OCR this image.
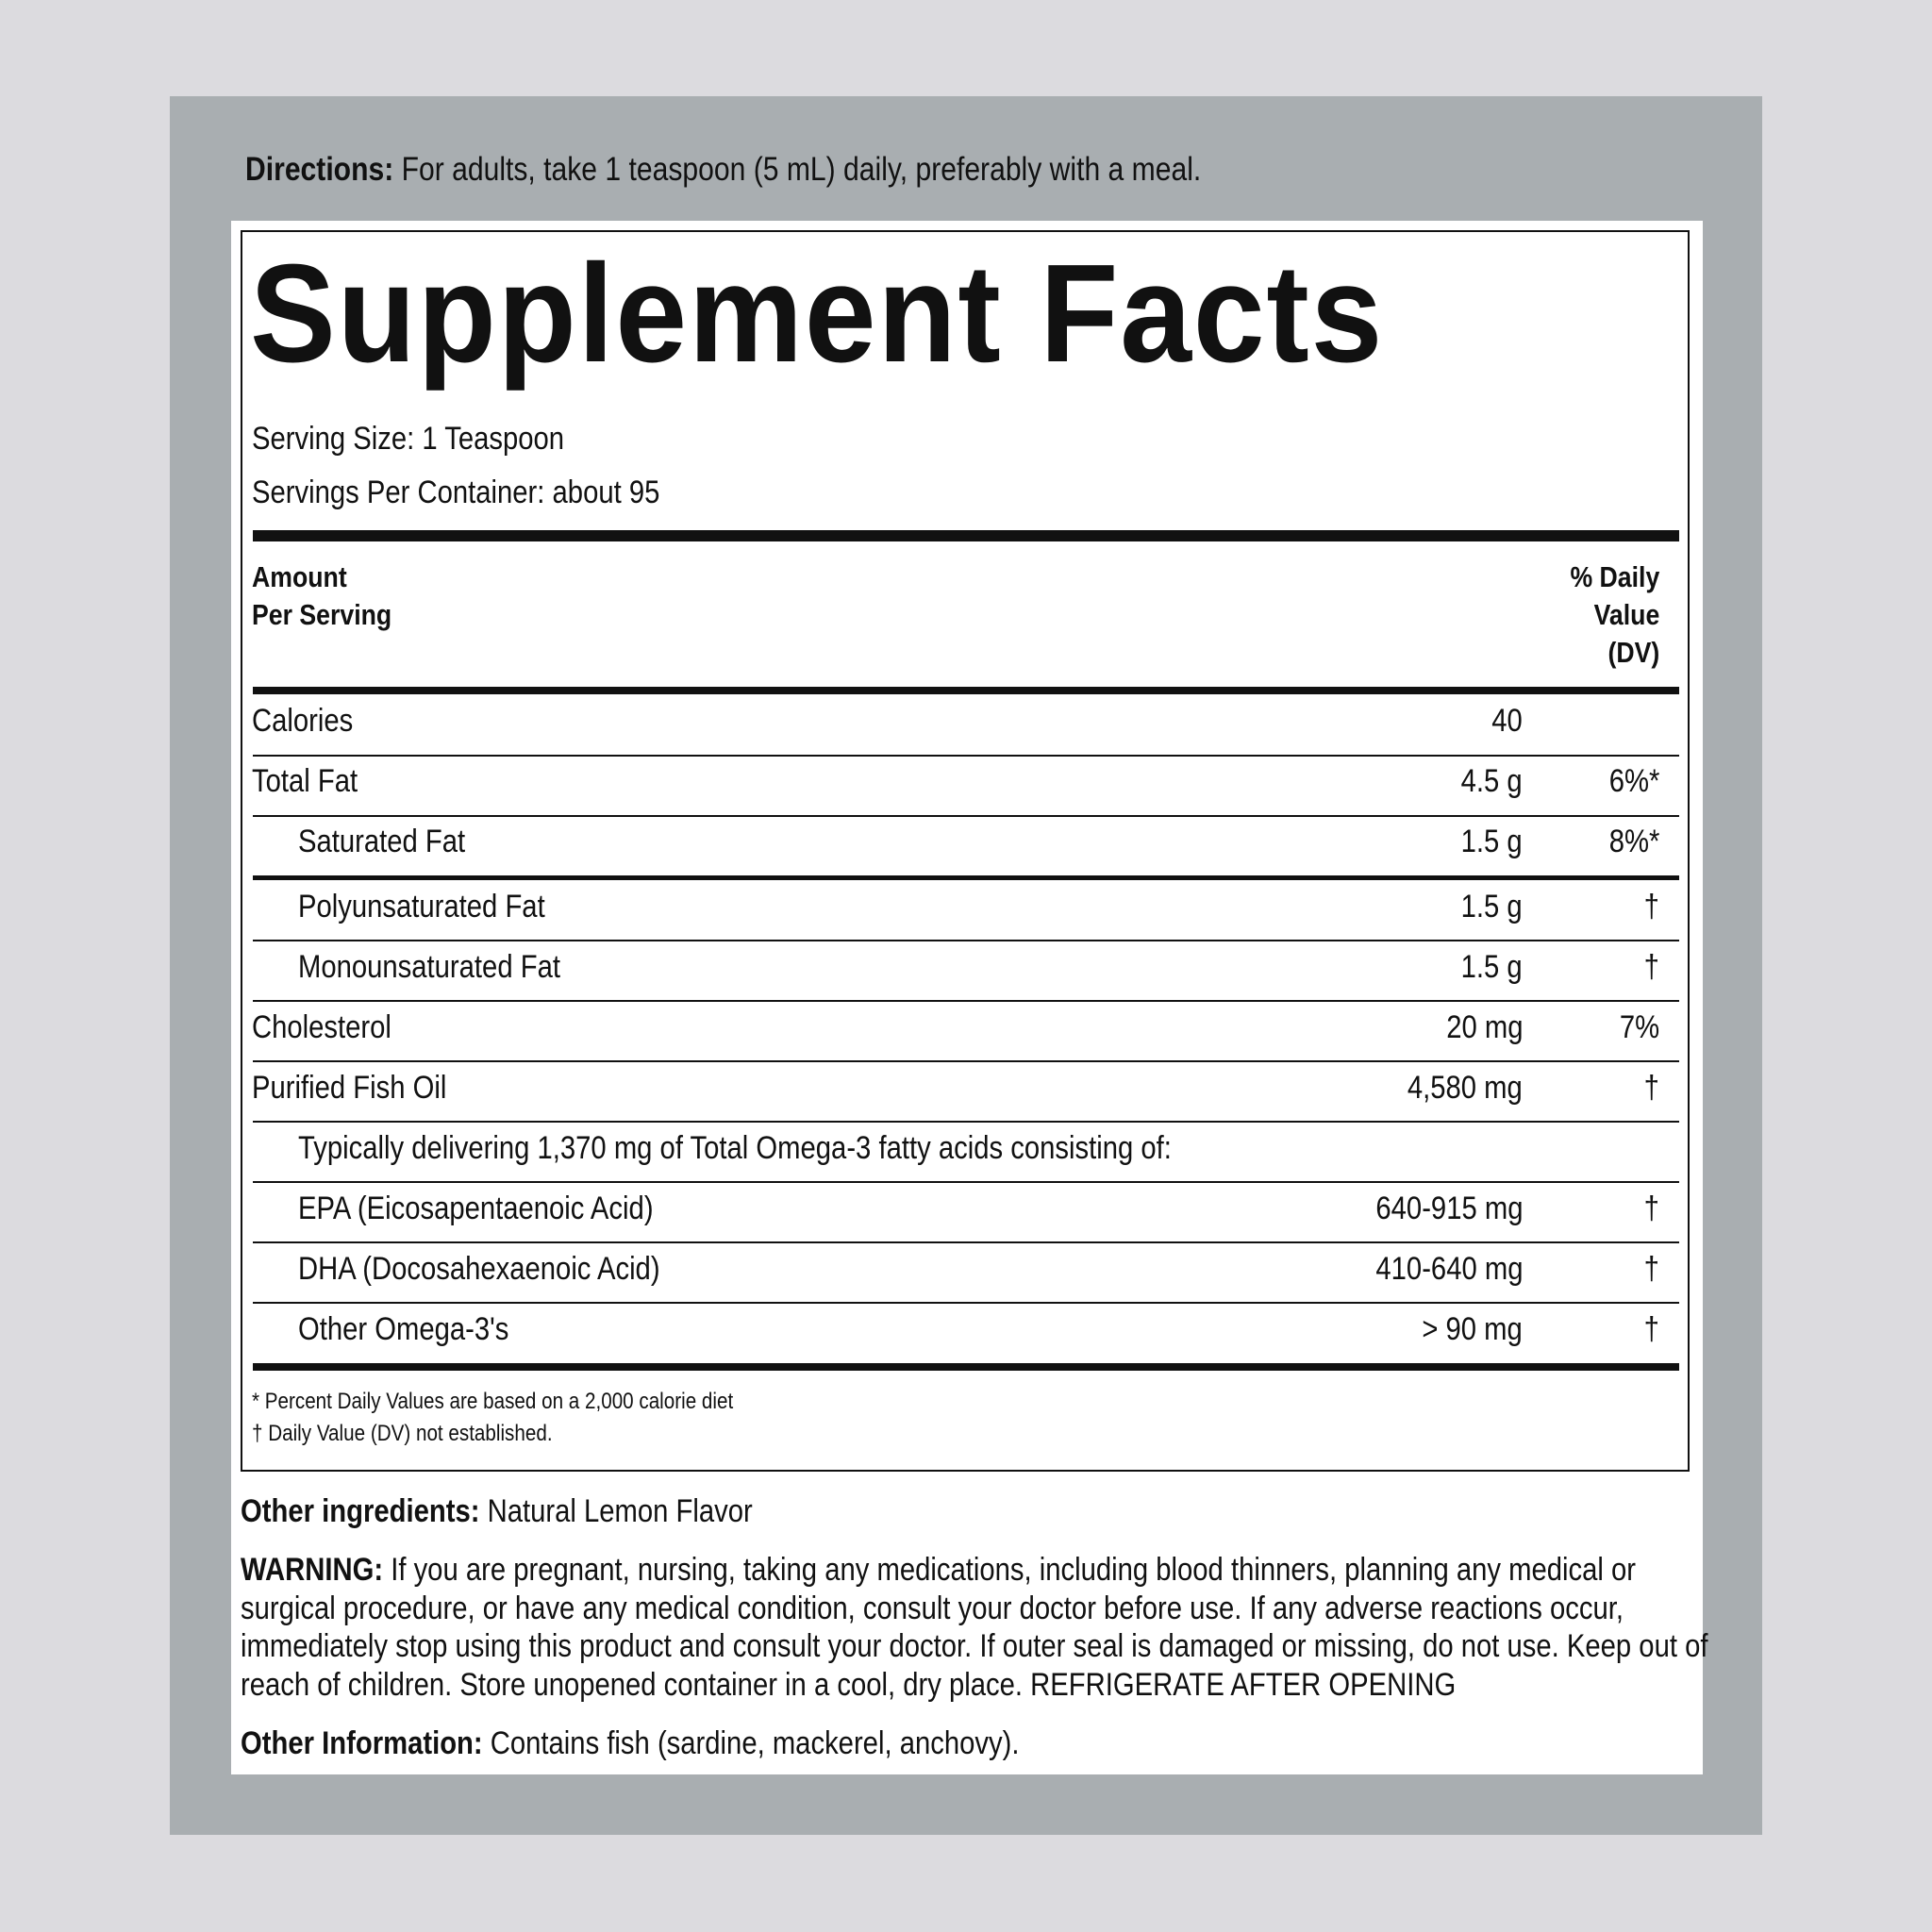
Directions: For adults, take 1 teaspoon (5 mL) daily, preferably with a meal.
Supplement Facts
Serving Size: 1 Teaspoon
Servings Per Container: about 95
Amount
Per Serving
% Daily
Value
(DV)
Calories	40
Total Fat	4.5 g	6%*
Saturated Fat	1.5 g	8%*
Polyunsaturated Fat	1.5 g	†
Monounsaturated Fat	1.5 g	†
Cholesterol	20 mg	7%
Purified Fish Oil	4,580 mg	†
Typically delivering 1,370 mg of Total Omega-3 fatty acids consisting of:
EPA (Eicosapentaenoic Acid)	640-915 mg	†
DHA (Docosahexaenoic Acid)	410-640 mg	†
Other Omega-3's	> 90 mg	†
* Percent Daily Values are based on a 2,000 calorie diet
† Daily Value (DV) not established.
Other ingredients: Natural Lemon Flavor
WARNING: If you are pregnant, nursing, taking any medications, including blood thinners, planning any medical or
surgical procedure, or have any medical condition, consult your doctor before use. If any adverse reactions occur,
immediately stop using this product and consult your doctor. If outer seal is damaged or missing, do not use. Keep out of
reach of children. Store unopened container in a cool, dry place. REFRIGERATE AFTER OPENING
Other Information: Contains fish (sardine, mackerel, anchovy).
